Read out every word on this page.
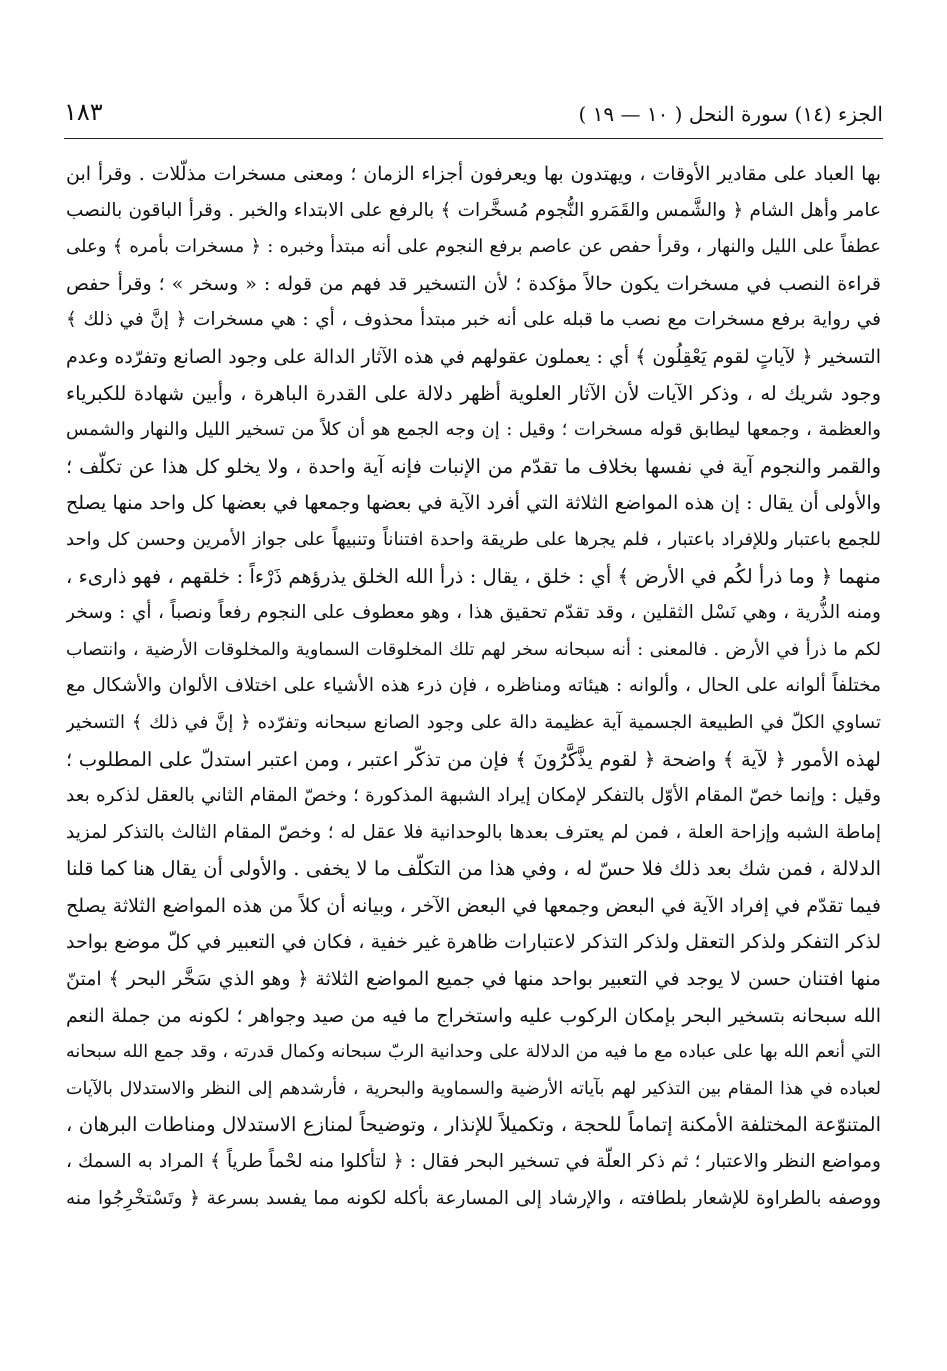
الجزء (١٤) سورة النحل ( ١٠ — ١٩ )
١٨٣
بها العباد على مقادير الأوقات ، ويهتدون بها ويعرفون أجزاء الزمان ؛ ومعنى مسخرات مذلّلات . وقرأ ابن
عامر وأهل الشام ﴿ والشَّمس والقَمَرو النُّجوم مُسخَّرات ﴾ بالرفع على الابتداء والخبر . وقرأ الباقون بالنصب
عطفاً على الليل والنهار ، وقرأ حفص عن عاصم برفع النجوم على أنه مبتدأ وخبره : ﴿ مسخرات بأمره ﴾ وعلى
قراءة النصب في مسخرات يكون حالاً مؤكدة ؛ لأن التسخير قد فهم من قوله : « وسخر » ؛ وقرأ حفص
في رواية برفع مسخرات مع نصب ما قبله على أنه خبر مبتدأ محذوف ، أي : هي مسخرات ﴿ إنَّ في ذلك ﴾
التسخير ﴿ لآياتٍ لقوم يَعْقِلُون ﴾ أي : يعملون عقولهم في هذه الآثار الدالة على وجود الصانع وتفرّده وعدم
وجود شريك له ، وذكر الآيات لأن الآثار العلوية أظهر دلالة على القدرة الباهرة ، وأبين شهادة للكبرياء
والعظمة ، وجمعها ليطابق قوله مسخرات ؛ وقيل : إن وجه الجمع هو أن كلاً من تسخير الليل والنهار والشمس
والقمر والنجوم آية في نفسها بخلاف ما تقدّم من الإنبات فإنه آية واحدة ، ولا يخلو كل هذا عن تكلّف ؛
والأولى أن يقال : إن هذه المواضع الثلاثة التي أفرد الآية في بعضها وجمعها في بعضها كل واحد منها يصلح
للجمع باعتبار وللإفراد باعتبار ، فلم يجرها على طريقة واحدة افتناناً وتنبيهاً على جواز الأمرين وحسن كل واحد
منهما ﴿ وما ذرأ لكُم في الأرض ﴾ أي : خلق ، يقال : ذرأ الله الخلق يذرؤهم ذَرْءاً : خلقهم ، فهو ذارىء ،
ومنه الذُّرية ، وهي نَسْل الثقلين ، وقد تقدّم تحقيق هذا ، وهو معطوف على النجوم رفعاً ونصباً ، أي : وسخر
لكم ما ذرأ في الأرض . فالمعنى : أنه سبحانه سخر لهم تلك المخلوقات السماوية والمخلوقات الأرضية ، وانتصاب
مختلفاً ألوانه على الحال ، وألوانه : هيئاته ومناظره ، فإن ذرء هذه الأشياء على اختلاف الألوان والأشكال مع
تساوي الكلّ في الطبيعة الجسمية آية عظيمة دالة على وجود الصانع سبحانه وتفرّده ﴿ إنَّ في ذلك ﴾ التسخير
لهذه الأمور ﴿ لآية ﴾ واضحة ﴿ لقوم يذَّكَّرُونَ ﴾ فإن من تذكّر اعتبر ، ومن اعتبر استدلّ على المطلوب ؛
وقيل : وإنما خصّ المقام الأوّل بالتفكر لإمكان إيراد الشبهة المذكورة ؛ وخصّ المقام الثاني بالعقل لذكره بعد
إماطة الشبه وإزاحة العلة ، فمن لم يعترف بعدها بالوحدانية فلا عقل له ؛ وخصّ المقام الثالث بالتذكر لمزيد
الدلالة ، فمن شك بعد ذلك فلا حسّ له ، وفي هذا من التكلّف ما لا يخفى . والأولى أن يقال هنا كما قلنا
فيما تقدّم في إفراد الآية في البعض وجمعها في البعض الآخر ، وبيانه أن كلاً من هذه المواضع الثلاثة يصلح
لذكر التفكر ولذكر التعقل ولذكر التذكر لاعتبارات ظاهرة غير خفية ، فكان في التعبير في كلّ موضع بواحد
منها افتنان حسن لا يوجد في التعبير بواحد منها في جميع المواضع الثلاثة ﴿ وهو الذي سَخَّر البحر ﴾ امتنّ
الله سبحانه بتسخير البحر بإمكان الركوب عليه واستخراج ما فيه من صيد وجواهر ؛ لكونه من جملة النعم
التي أنعم الله بها على عباده مع ما فيه من الدلالة على وحدانية الربّ سبحانه وكمال قدرته ، وقد جمع الله سبحانه
لعباده في هذا المقام بين التذكير لهم بآياته الأرضية والسماوية والبحرية ، فأرشدهم إلى النظر والاستدلال بالآيات
المتنوّعة المختلفة الأمكنة إتماماً للحجة ، وتكميلاً للإنذار ، وتوضيحاً لمنازع الاستدلال ومناطات البرهان ،
ومواضع النظر والاعتبار ؛ ثم ذكر العلّة في تسخير البحر فقال : ﴿ لتأكلوا منه لحْماً طرياً ﴾ المراد به السمك ،
ووصفه بالطراوة للإشعار بلطافته ، والإرشاد إلى المسارعة بأكله لكونه مما يفسد بسرعة ﴿ وتَسْتخْرِجُوا منه
